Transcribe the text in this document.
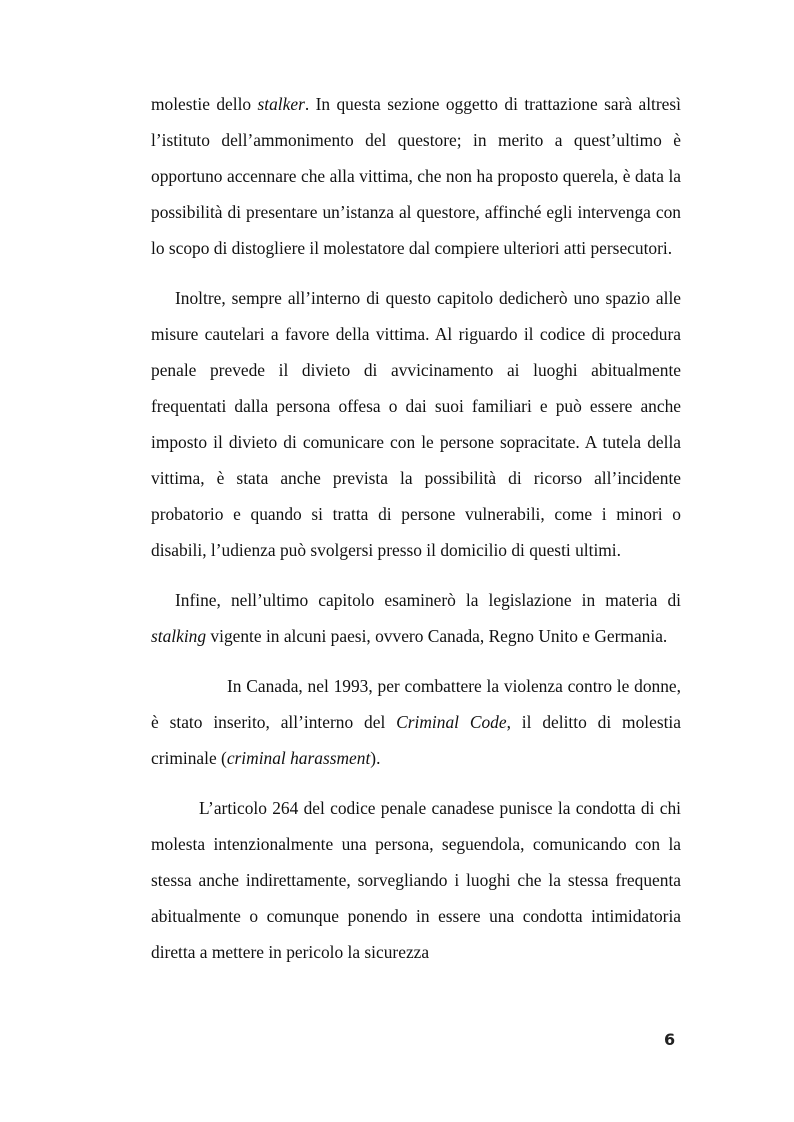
molestie dello stalker. In questa sezione oggetto di trattazione sarà altresì l’istituto dell’ammonimento del questore; in merito a quest’ultimo è opportuno accennare che alla vittima, che non ha proposto querela, è data la possibilità di presentare un’istanza al questore, affinché egli intervenga con lo scopo di distogliere il molestatore dal compiere ulteriori atti persecutori.

Inoltre, sempre all’interno di questo capitolo dedicherò uno spazio alle misure cautelari a favore della vittima. Al riguardo il codice di procedura penale prevede il divieto di avvicinamento ai luoghi abitualmente frequentati dalla persona offesa o dai suoi familiari e può essere anche imposto il divieto di comunicare con le persone sopracitate. A tutela della vittima, è stata anche prevista la possibilità di ricorso all’incidente probatorio e quando si tratta di persone vulnerabili, come i minori o disabili, l’udienza può svolgersi presso il domicilio di questi ultimi.

Infine, nell’ultimo capitolo esaminerò la legislazione in materia di stalking vigente in alcuni paesi, ovvero Canada, Regno Unito e Germania.

In Canada, nel 1993, per combattere la violenza contro le donne, è stato inserito, all’interno del Criminal Code, il delitto di molestia criminale (criminal harassment).

L’articolo 264 del codice penale canadese punisce la condotta di chi molesta intenzionalmente una persona, seguendola, comunicando con la stessa anche indirettamente, sorvegliando i luoghi che la stessa frequenta abitualmente o comunque ponendo in essere una condotta intimidatoria diretta a mettere in pericolo la sicurezza

6
